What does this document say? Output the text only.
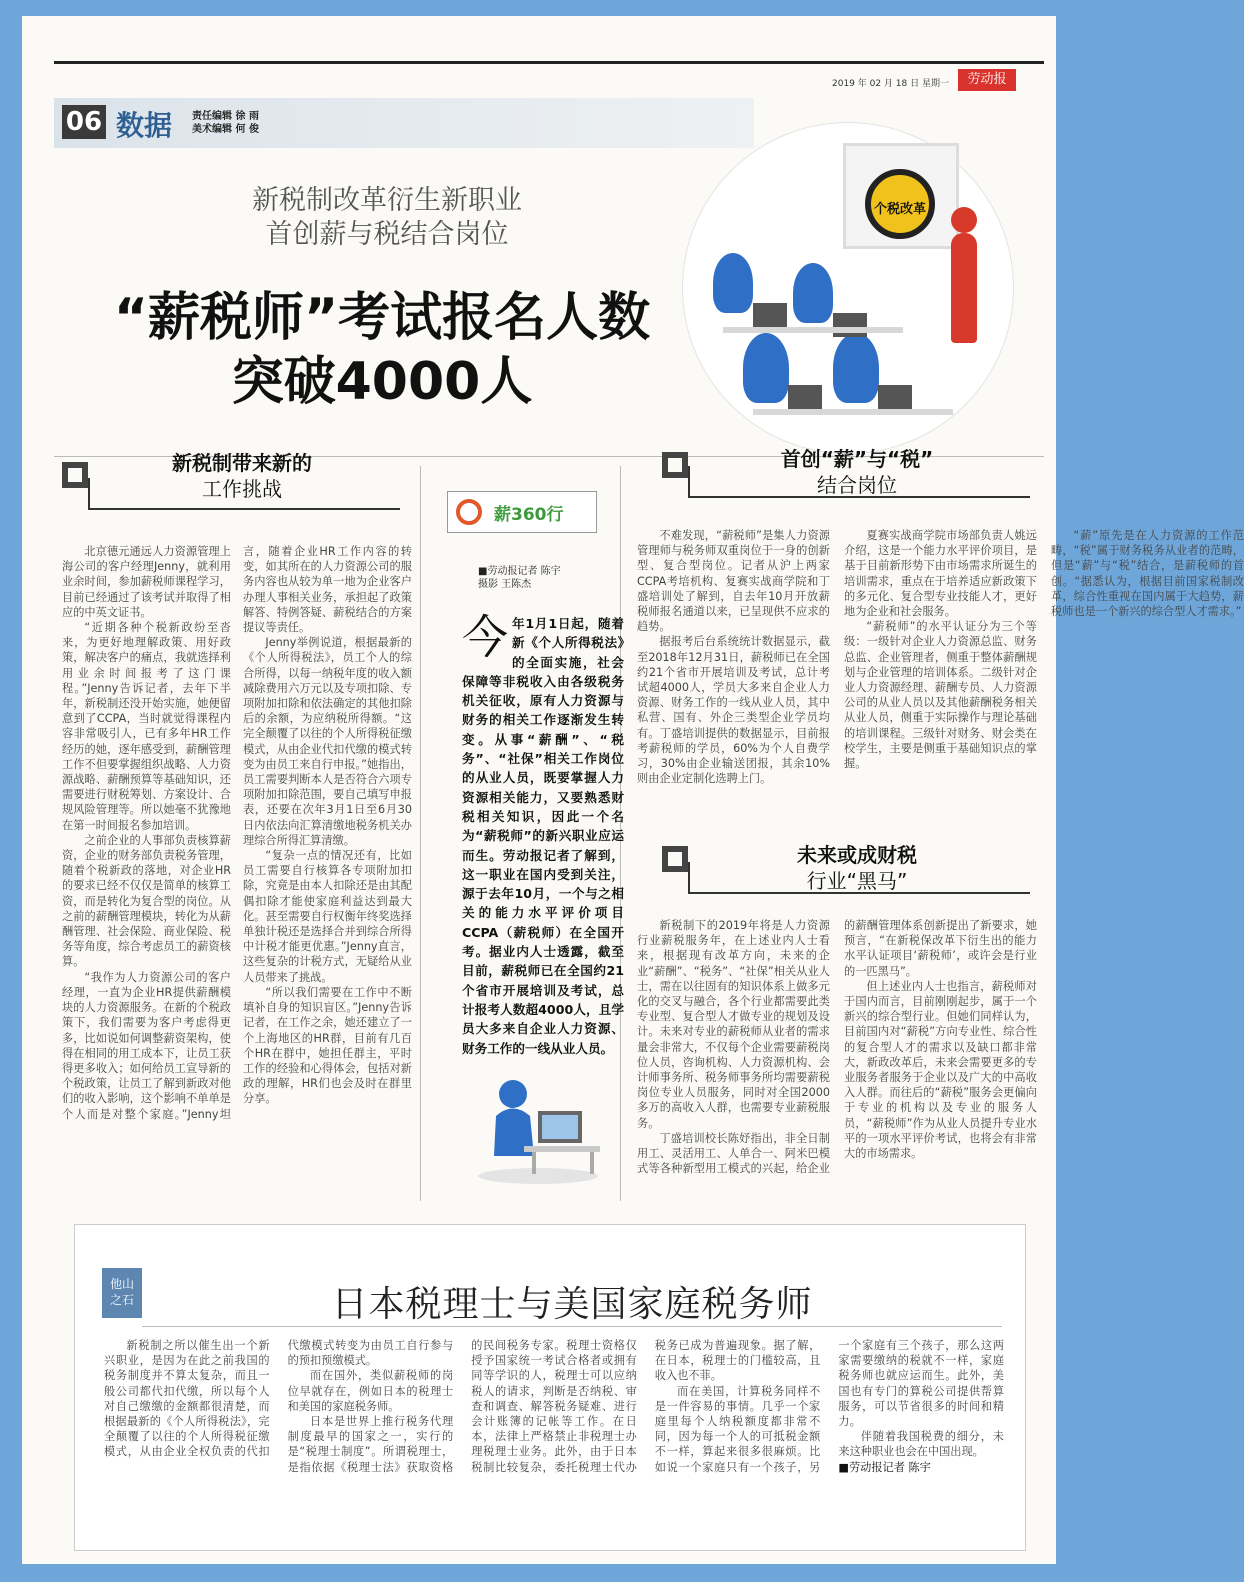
2019 年 02 月 18 日 星期一	劳动报
06 数据 责任编辑 徐 雨
美术编辑 何 俊
新税制改革衍生新职业
首创薪与税结合岗位
“薪税师”考试报名人数
突破4000人
个税改革
新税制带来新的
工作挑战

北京德元通远人力资源管理上海公司的客户经理Jenny，就利用业余时间，参加薪税师课程学习，目前已经通过了该考试并取得了相应的中英文证书。

“近期各种个税新政纷至沓来，为更好地理解政策、用好政策，解决客户的痛点，我就选择利用业余时间报考了这门课程。”Jenny告诉记者，去年下半年，新税制还没开始实施，她便留意到了CCPA，当时就觉得课程内容非常吸引人，已有多年HR工作经历的她，逐年感受到，薪酬管理工作不但要掌握组织战略、人力资源战略、薪酬预算等基础知识，还需要进行财税筹划、方案设计、合规风险管理等。所以她毫不犹豫地在第一时间报名参加培训。

之前企业的人事部负责核算薪资，企业的财务部负责税务管理，随着个税新政的落地，对企业HR的要求已经不仅仅是简单的核算工资，而是转化为复合型的岗位。从之前的薪酬管理模块，转化为从薪酬管理、社会保险、商业保险、税务等角度，综合考虑员工的薪资核算。

“我作为人力资源公司的客户经理，一直为企业HR提供薪酬模块的人力资源服务。在新的个税政策下，我们需要为客户考虑得更多，比如说如何调整薪资架构，使得在相同的用工成本下，让员工获得更多收入；如何给员工宣导新的个税政策，让员工了解到新政对他们的收入影响，这个影响不单单是个人而是对整个家庭。”Jenny坦言，随着企业HR工作内容的转变，如其所在的人力资源公司的服务内容也从较为单一地为企业客户办理人事相关业务，承担起了政策解答、特例答疑、薪税结合的方案提议等责任。

Jenny举例说道，根据最新的《个人所得税法》，员工个人的综合所得，以每一纳税年度的收入额减除费用六万元以及专项扣除、专项附加扣除和依法确定的其他扣除后的余额，为应纳税所得额。“这完全颠覆了以往的个人所得税征缴模式，从由企业代扣代缴的模式转变为由员工来自行申报。”她指出，员工需要判断本人是否符合六项专项附加扣除范围，要自己填写申报表，还要在次年3月1日至6月30日内依法向汇算清缴地税务机关办理综合所得汇算清缴。

“复杂一点的情况还有，比如员工需要自行核算各专项附加扣除，究竟是由本人扣除还是由其配偶扣除才能使家庭利益达到最大化。甚至需要自行权衡年终奖选择单独计税还是选择合并到综合所得中计税才能更优惠。”Jenny直言，这些复杂的计税方式，无疑给从业人员带来了挑战。

“所以我们需要在工作中不断填补自身的知识盲区。”Jenny告诉记者，在工作之余，她还建立了一个上海地区的HR群，目前有几百个HR在群中，她担任群主，平时工作的经验和心得体会，包括对新政的理解，HR们也会及时在群里分享。

薪360行
■劳动报记者 陈宇
摄影 王陈杰
今 年1月1日起，随着新《个人所得税法》的全面实施，社会保障等非税收入由各级税务机关征收，原有人力资源与财务的相关工作逐渐发生转变。从事“薪酬”、“税务”、“社保”相关工作岗位的从业人员，既要掌握人力资源相关能力，又要熟悉财税相关知识，因此一个名为“薪税师”的新兴职业应运而生。劳动报记者了解到，这一职业在国内受到关注，源于去年10月，一个与之相关的能力水平评价项目CCPA（薪税师）在全国开考。据业内人士透露，截至目前，薪税师已在全国约21个省市开展培训及考试，总计报考人数超4000人，且学员大多来自企业人力资源、财务工作的一线从业人员。
首创“薪”与“税”
结合岗位

不难发现，“薪税师”是集人力资源管理师与税务师双重岗位于一身的创新型、复合型岗位。记者从沪上两家CCPA考培机构、复赛实战商学院和丁盛培训处了解到，自去年10月开放薪税师报名通道以来，已呈现供不应求的趋势。

据报考后台系统统计数据显示，截至2018年12月31日，薪税师已在全国约21个省市开展培训及考试，总计考试超4000人，学员大多来自企业人力资源、财务工作的一线从业人员，其中私营、国有、外企三类型企业学员均有。丁盛培训提供的数据显示，目前报考薪税师的学员，60%为个人自费学习，30%由企业输送团报，其余10%则由企业定制化选聘上门。

夏赛实战商学院市场部负责人姚远介绍，这是一个能力水平评价项目，是基于目前新形势下由市场需求所诞生的培训需求，重点在于培养适应新政策下的多元化、复合型专业技能人才，更好地为企业和社会服务。

“薪税师”的水平认证分为三个等级：一级针对企业人力资源总监、财务总监、企业管理者，侧重于整体薪酬规划与企业管理的培训体系。二级针对企业人力资源经理、薪酬专员、人力资源公司的从业人员以及其他薪酬税务相关从业人员，侧重于实际操作与理论基础的培训课程。三级针对财务、财会类在校学生，主要是侧重于基础知识点的掌握。

“薪”原先是在人力资源的工作范畴，“税”属于财务税务从业者的范畴，但是“薪”与“税”结合，是薪税师的首创。“据悉认为，根据目前国家税制改革，综合性重视在国内属于大趋势，薪税师也是一个新兴的综合型人才需求。”

未来或成财税
行业“黑马”

新税制下的2019年将是人力资源行业薪税服务年，在上述业内人士看来，根据现有改革方向，未来的企业“薪酬”、“税务”、“社保”相关从业人士，需在以往固有的知识体系上做多元化的交叉与融合，各个行业都需要此类专业型、复合型人才做专业的规划及设计。未来对专业的薪税师从业者的需求量会非常大，不仅每个企业需要薪税岗位人员，咨询机构、人力资源机构、会计师事务所、税务师事务所均需要薪税岗位专业人员服务，同时对全国2000多万的高收入人群，也需要专业薪税服务。

丁盛培训校长陈妤指出，非全日制用工、灵活用工、人单合一、阿米巴模式等各种新型用工模式的兴起，给企业的薪酬管理体系创新提出了新要求，她预言，“在新税保改革下衍生出的能力水平认证项目‘薪税师’，或许会是行业的一匹黑马”。

但上述业内人士也指言，薪税师对于国内而言，目前刚刚起步，属于一个新兴的综合型行业。但她们同样认为，目前国内对“薪税”方向专业性、综合性的复合型人才的需求以及缺口都非常大，新政改革后，未来会需要更多的专业服务者服务于企业以及广大的中高收入人群。而往后的“薪税”服务会更偏向于专业的机构以及专业的服务人员，“薪税师”作为从业人员提升专业水平的一项水平评价考试，也将会有非常大的市场需求。

他山
之石	日本税理士与美国家庭税务师

新税制之所以催生出一个新兴职业，是因为在此之前我国的税务制度并不算太复杂，而且一般公司都代扣代缴，所以每个人对自己缴缴的金额都很清楚，而根据最新的《个人所得税法》，完全颠覆了以往的个人所得税征缴模式，从由企业全权负责的代扣代缴模式转变为由员工自行参与的预扣预缴模式。

而在国外，类似薪税师的岗位早就存在，例如日本的税理士和美国的家庭税务师。

日本是世界上推行税务代理制度最早的国家之一，实行的是“税理士制度”。所谓税理士，是指依据《税理士法》获取资格的民间税务专家。税理士资格仅授予国家统一考试合格者或拥有同等学识的人，税理士可以应纳税人的请求，判断是否纳税、审查和调查、解答税务疑难、进行会计账簿的记帐等工作。在日本，法律上严格禁止非税理士办理税理士业务。此外，由于日本税制比较复杂，委托税理士代办税务已成为普遍现象。据了解，在日本，税理士的门槛较高，且收入也不菲。

而在美国，计算税务同样不是一件容易的事情。几乎一个家庭里每个人纳税额度都非常不同，因为每一个人的可抵税金额不一样，算起来很多很麻烦。比如说一个家庭只有一个孩子，另一个家庭有三个孩子，那么这两家需要缴纳的税就不一样，家庭税务师也就应运而生。此外，美国也有专门的算税公司提供帮算服务，可以节省很多的时间和精力。

伴随着我国税费的细分，未来这种职业也会在中国出现。

■劳动报记者 陈宇

薪税师
